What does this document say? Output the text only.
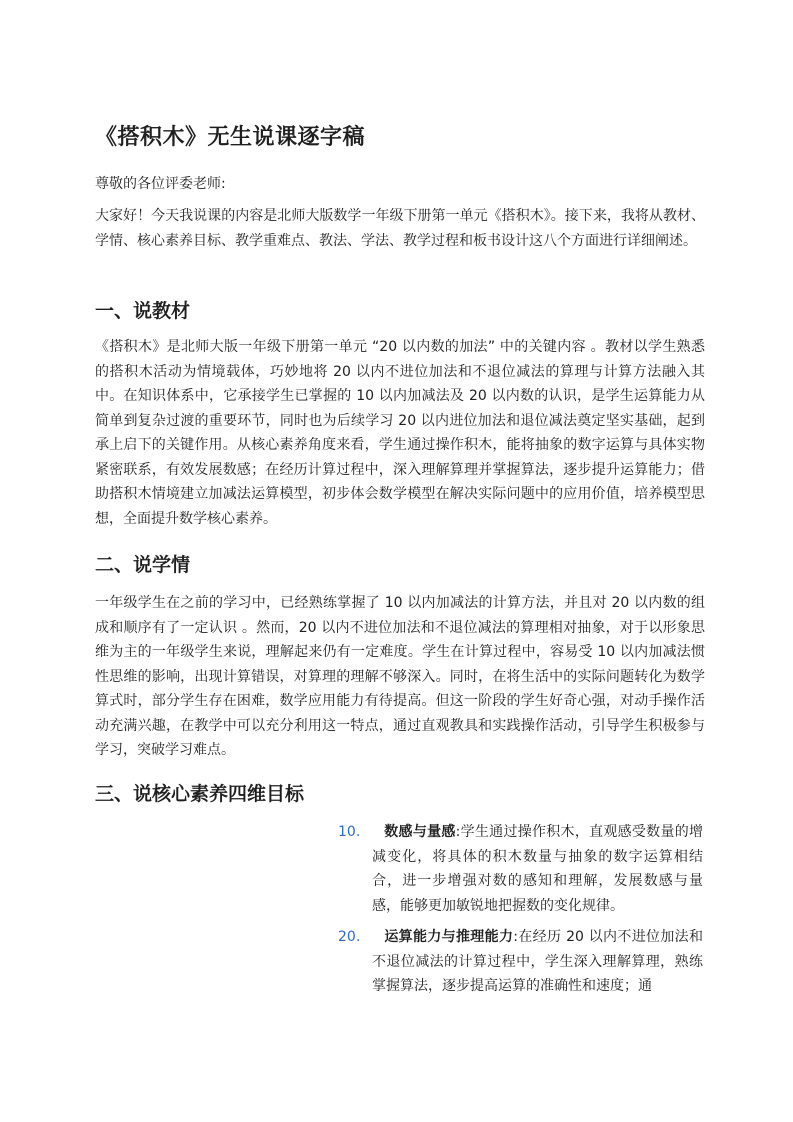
《搭积木》无生说课逐字稿

尊敬的各位评委老师:

大家好！今天我说课的内容是北师大版数学一年级下册第一单元《搭积木》。接下来，我将从教材、学情、核心素养目标、教学重难点、教法、学法、教学过程和板书设计这八个方面进行详细阐述。

一、说教材

《搭积木》是北师大版一年级下册第一单元 “20 以内数的加法” 中的关键内容 。教材以学生熟悉的搭积木活动为情境载体，巧妙地将 20 以内不进位加法和不退位减法的算理与计算方法融入其中。在知识体系中，它承接学生已掌握的 10 以内加减法及 20 以内数的认识，是学生运算能力从简单到复杂过渡的重要环节，同时也为后续学习 20 以内进位加法和退位减法奠定坚实基础，起到承上启下的关键作用。从核心素养角度来看，学生通过操作积木，能将抽象的数字运算与具体实物紧密联系，有效发展数感；在经历计算过程中，深入理解算理并掌握算法，逐步提升运算能力；借助搭积木情境建立加减法运算模型，初步体会数学模型在解决实际问题中的应用价值，培养模型思想，全面提升数学核心素养。

二、说学情

一年级学生在之前的学习中，已经熟练掌握了 10 以内加减法的计算方法，并且对 20 以内数的组成和顺序有了一定认识 。然而，20 以内不进位加法和不退位减法的算理相对抽象，对于以形象思维为主的一年级学生来说，理解起来仍有一定难度。学生在计算过程中，容易受 10 以内加减法惯性思维的影响，出现计算错误，对算理的理解不够深入。同时，在将生活中的实际问题转化为数学算式时，部分学生存在困难，数学应用能力有待提高。但这一阶段的学生好奇心强，对动手操作活动充满兴趣，在教学中可以充分利用这一特点，通过直观教具和实践操作活动，引导学生积极参与学习，突破学习难点。

三、说核心素养四维目标

10. 数感与量感:学生通过操作积木，直观感受数量的增减变化，将具体的积木数量与抽象的数字运算相结合，进一步增强对数的感知和理解，发展数感与量感，能够更加敏锐地把握数的变化规律。

20. 运算能力与推理能力:在经历 20 以内不进位加法和不退位减法的计算过程中，学生深入理解算理，熟练掌握算法，逐步提高运算的准确性和速度；通
